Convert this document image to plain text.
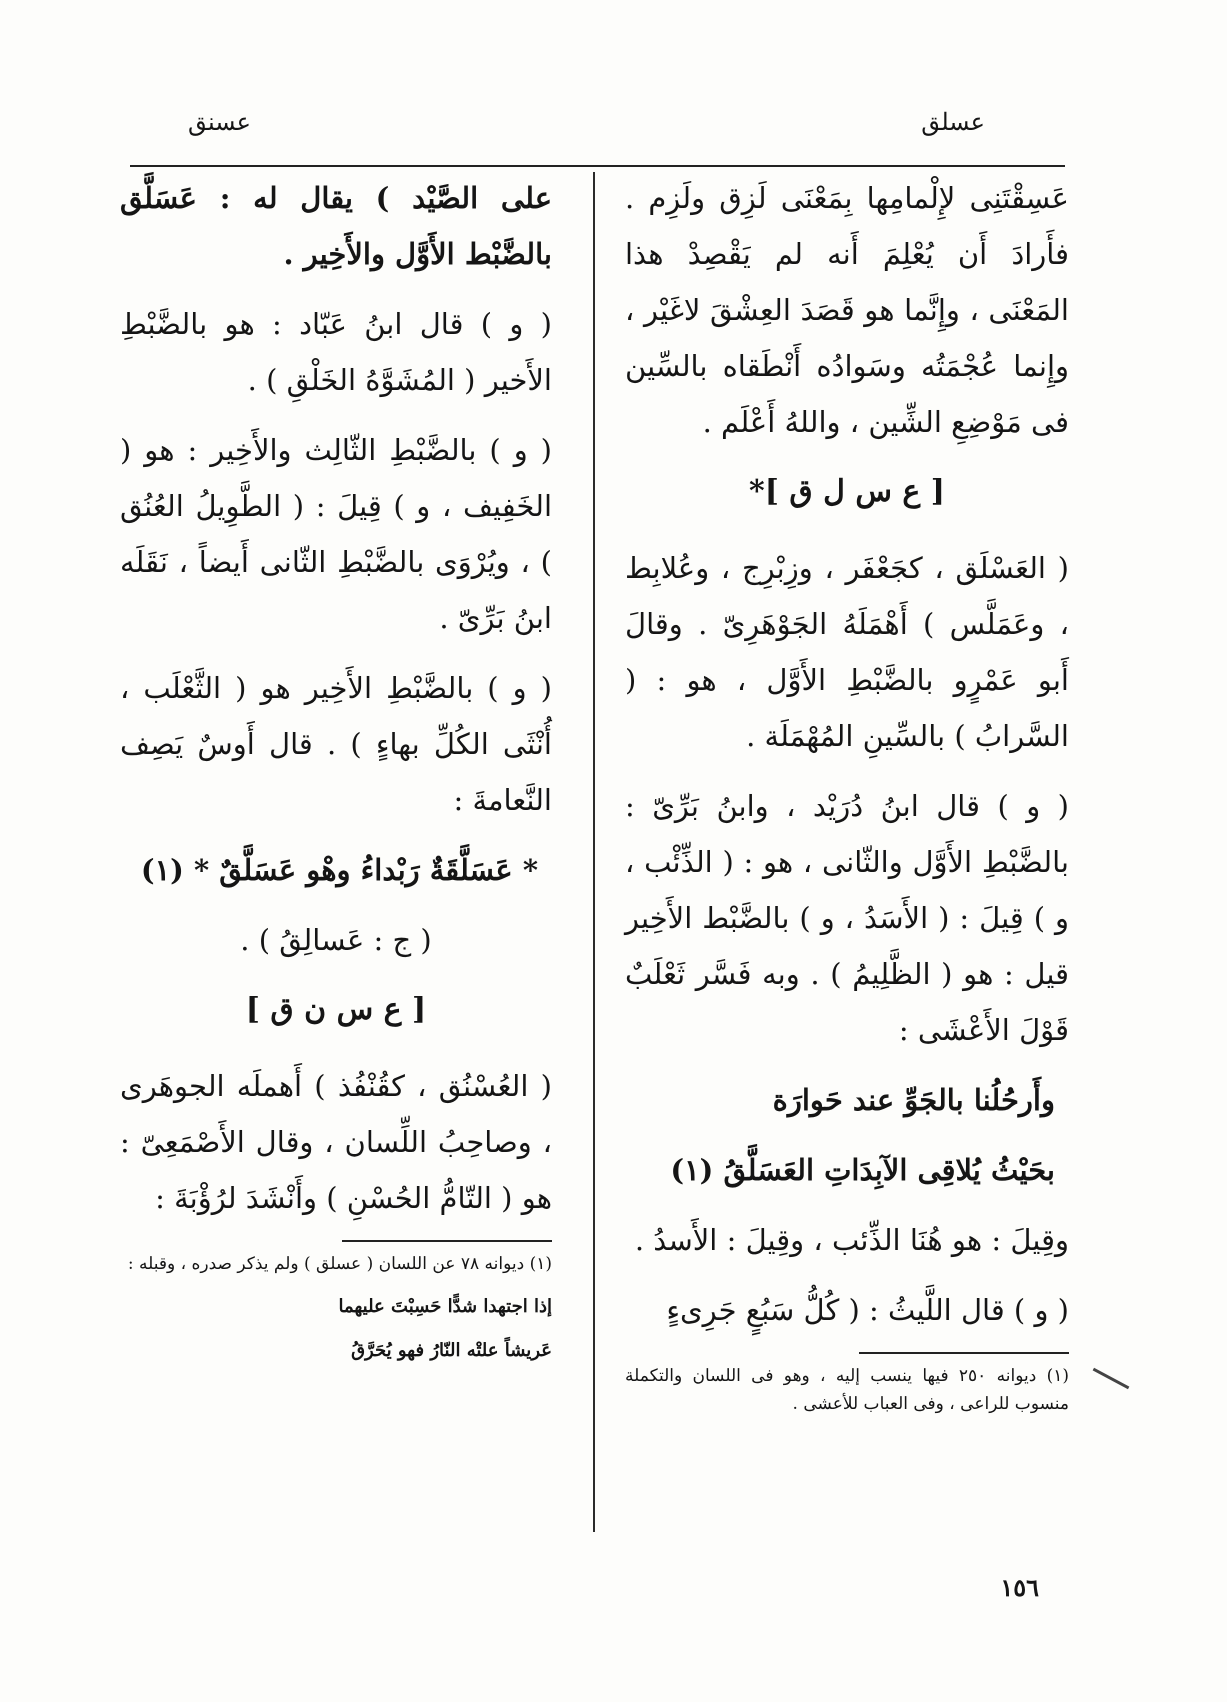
عسلق
عسنق

عَسِقْتَنِى لإِلْمامِها بِمَعْنَى لَزِق ولَزِم . فأَرادَ أَن يُعْلِمَ أَنه لم يَقْصِدْ هذا المَعْنَى ، وإِنَّما هو قَصَدَ العِشْقَ لاغَيْر ، وإِنما عُجْمَتُه وسَوادُه أَنْطَقاه بالسِّين فى مَوْضِعِ الشِّين ، واللهُ أَعْلَم .

[ ع س ل ق ]*

( العَسْلَق ، كجَعْفَر ، وزِبْرِج ، وعُلابِط ، وعَمَلَّس ) أَهْمَلَهُ الجَوْهَرِىّ . وقالَ أَبو عَمْرٍو بالضَّبْطِ الأَوَّل ، هو : ( السَّرابُ ) بالسِّينِ المُهْمَلَة .

( و ) قال ابنُ دُرَيْد ، وابنُ بَرِّىّ : بالضَّبْطِ الأَوَّل والثّانى ، هو : ( الذِّئْب ، و ) قِيلَ : ( الأَسَدُ ، و ) بالضَّبْط الأَخِير قيل : هو ( الظَّلِيمُ ) . وبه فَسَّر ثَعْلَبٌ قَوْلَ الأَعْشَى :

وأَرحُلُنا بالجَوِّ عند حَوارَة

بحَيْثُ يُلاقِى الآبِدَاتِ العَسَلَّقُ (١)

وقِيلَ : هو هُنَا الذِّئب ، وقِيلَ : الأَسدُ .

( و ) قال اللَّيثُ : ( كُلُّ سَبُعٍ جَرِىءٍ

(١) ديوانه ٢٥٠ فيها ينسب إليه ، وهو فى اللسان والتكملة منسوب للراعى ، وفى العباب للأعشى .

على الصَّيْد ) يقال له : عَسَلَّق بالضَّبْط الأَوَّل والأَخِير .

( و ) قال ابنُ عَبّاد : هو بالضَّبْطِ الأَخير ( المُشَوَّهُ الخَلْقِ ) .

( و ) بالضَّبْطِ الثّالِث والأَخِير : هو ( الخَفِيف ، و ) قِيلَ : ( الطَّوِيلُ العُنُق ) ، ويُرْوَى بالضَّبْطِ الثّانى أَيضاً ، نَقَلَه ابنُ بَرِّىّ .

( و ) بالضَّبْطِ الأَخِير هو ( الثَّعْلَب ، أُنْثَى الكُلِّ بهاءٍ ) . قال أَوسٌ يَصِف النَّعامةَ :

* عَسَلَّقَةٌ رَبْداءُ وهْو عَسَلَّقٌ * (١)

( ج : عَسالِقُ ) .

[ ع س ن ق ]

( العُسْنُق ، كقُنْفُذ ) أَهملَه الجوهَرى ، وصاحِبُ اللِّسان ، وقال الأَصْمَعِىّ : هو ( التّامُّ الحُسْنِ ) وأَنْشَدَ لرُؤْبَةَ :

(١) ديوانه ٧٨ عن اللسان ( عسلق ) ولم يذكر صدره ، وقبله :

إذا اجتهدا شدًّا حَسِبْتَ عليهما

عَريشاً علتْه النّارُ فهو يُحَرَّقُ

١٥٦
